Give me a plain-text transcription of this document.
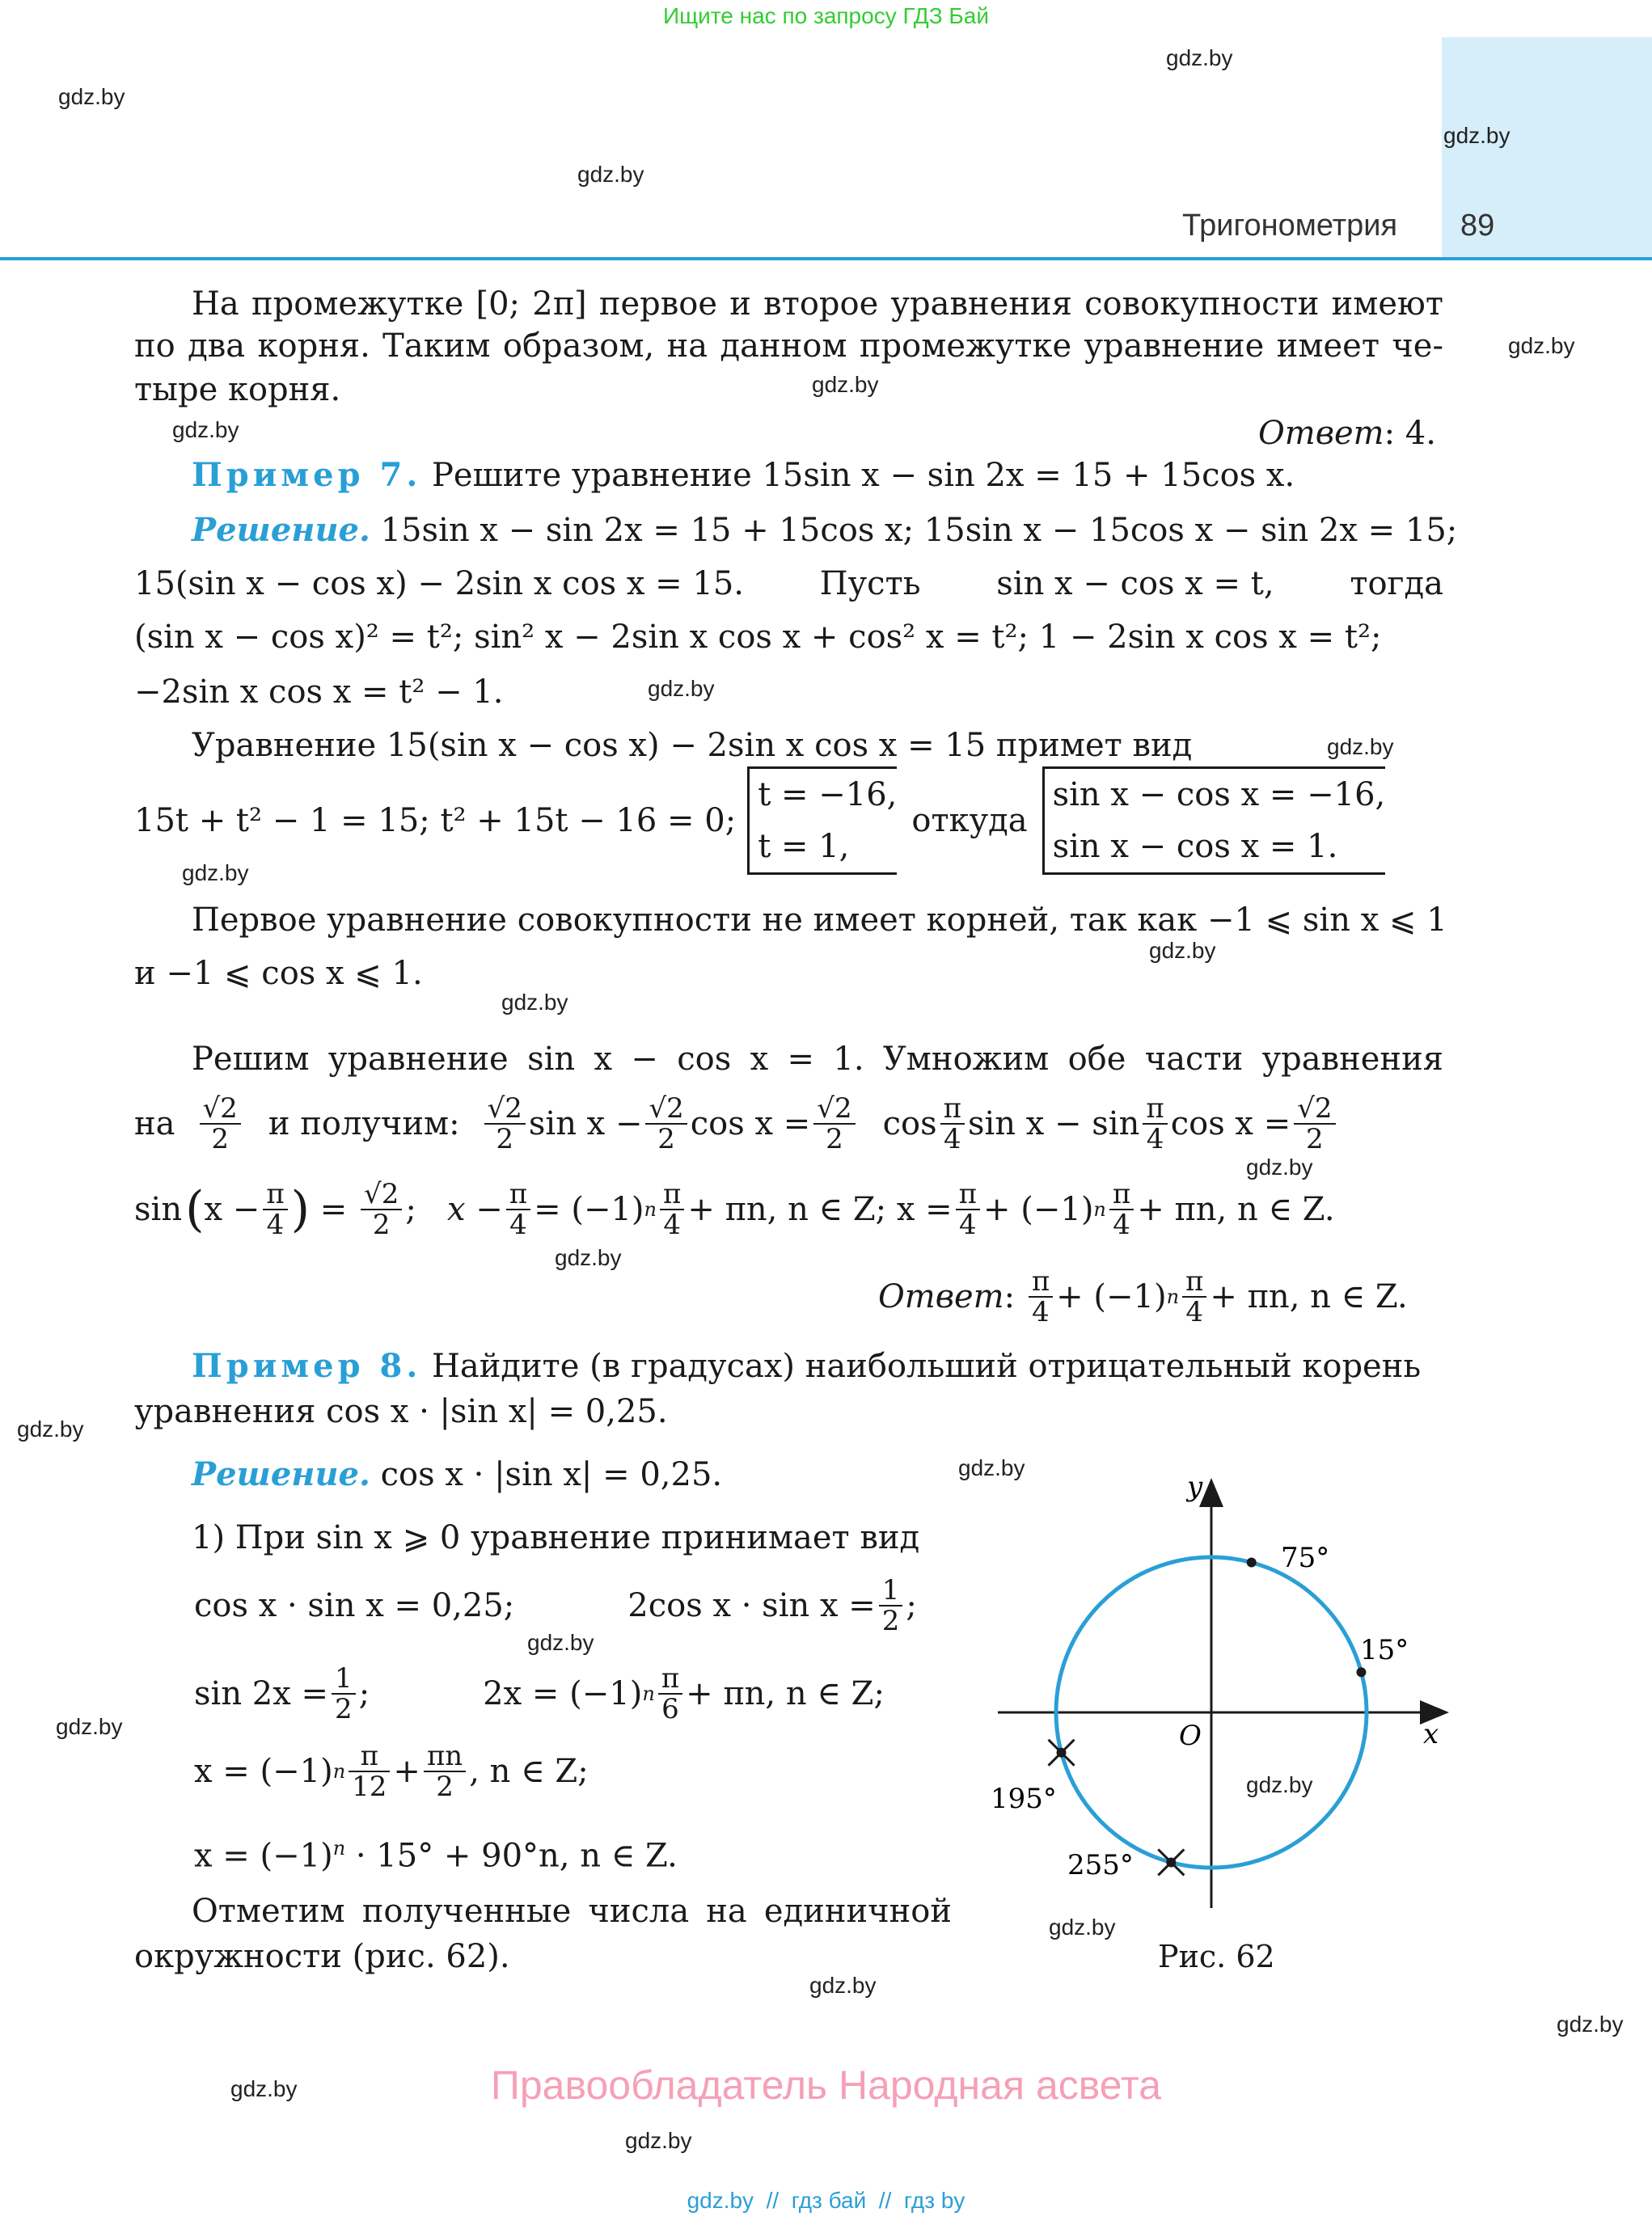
Ищите нас по запросу ГДЗ Бай
Тригонометрия 89
gdz.by
gdz.by
gdz.by
gdz.by
gdz.by
gdz.by
gdz.by
gdz.by
gdz.by
gdz.by
gdz.by
gdz.by
gdz.by
gdz.by
gdz.by
gdz.by
gdz.by
gdz.by
gdz.by
gdz.by
gdz.by
gdz.by
gdz.by
gdz.by
На промежутке [0; 2π] первое и второе уравнения совокупности имеют
по два корня. Таким образом, на данном промежутке уравнение имеет че-
тыре корня.
Ответ: 4.
Пример 7. Решите уравнение 15sin x − sin 2x = 15 + 15cos x.
Решение. 15sin x − sin 2x = 15 + 15cos x; 15sin x − 15cos x − sin 2x = 15;
15(sin x − cos x) − 2sin x cos x = 15. Пусть sin x − cos x = t, тогда
(sin x − cos x)² = t²; sin² x − 2sin x cos x + cos² x = t²; 1 − 2sin x cos x = t²;
−2sin x cos x = t² − 1.
Уравнение 15(sin x − cos x) − 2sin x cos x = 15 примет вид
15t + t² − 1 = 15; t² + 15t − 16 = 0;
t = −16,
t = 1,
откуда
sin x − cos x = −16,
sin x − cos x = 1.
Первое уравнение совокупности не имеет корней, так как −1 ⩽ sin x ⩽ 1
и −1 ⩽ cos x ⩽ 1.
Решим уравнение sin x − cos x = 1. Умножим обе части уравнения
на $\frac{√2}{2}$ и получим: $\frac{√2}{2}$ $\sin x - \frac{√2}{2}$ $\cos x = \frac{√2}{2}$ $\cos \frac{\pi}{4}$ $\sin x - \sin \frac{\pi}{4}$ $\cos x = \frac{√2}{2}$
sin ( $x - \frac{\pi}{4}$ ) = $\frac{√2}{2}$ ; $x - \frac{\pi}{4} = (-1)$ n $\frac{\pi}{4} + \pi n$, n ∈ Z; $x = \frac{\pi}{4} + (-1)$ n $\frac{\pi}{4} + \pi n$, n ∈ Z.
Ответ : $\frac{\pi}{4} + (-1)$ n $\frac{\pi}{4} + \pi n$, n ∈ Z.
Пример 8. Найдите (в градусах) наибольший отрицательный корень
уравнения cos x · |sin x| = 0,25.
Решение. cos x · |sin x| = 0,25.
1) При sin x ⩾ 0 уравнение принимает вид
cos x · sin x = 0,25;	2cos $x \cdot \sin x = \frac{1}{2}$ ;
$\sin 2x = \frac{1}{2}$ ;	2x = (−1) n $\frac{\pi}{6} + \pi n$, n ∈ Z;
x = (−1) n $\frac{\pi}{12} + \frac{\pi n}{2}$ , n ∈ Z;
$x = (-1)^n \cdot 15^\circ + 90^\circ n$, n ∈ Z.
Отметим полученные числа на единичной
окружности (рис. 62).
y
x
O
75°
15°
195°
255°
Рис. 62
Правообладатель Народная асвета
gdz.by  //  гдз бай  //  гдз by
